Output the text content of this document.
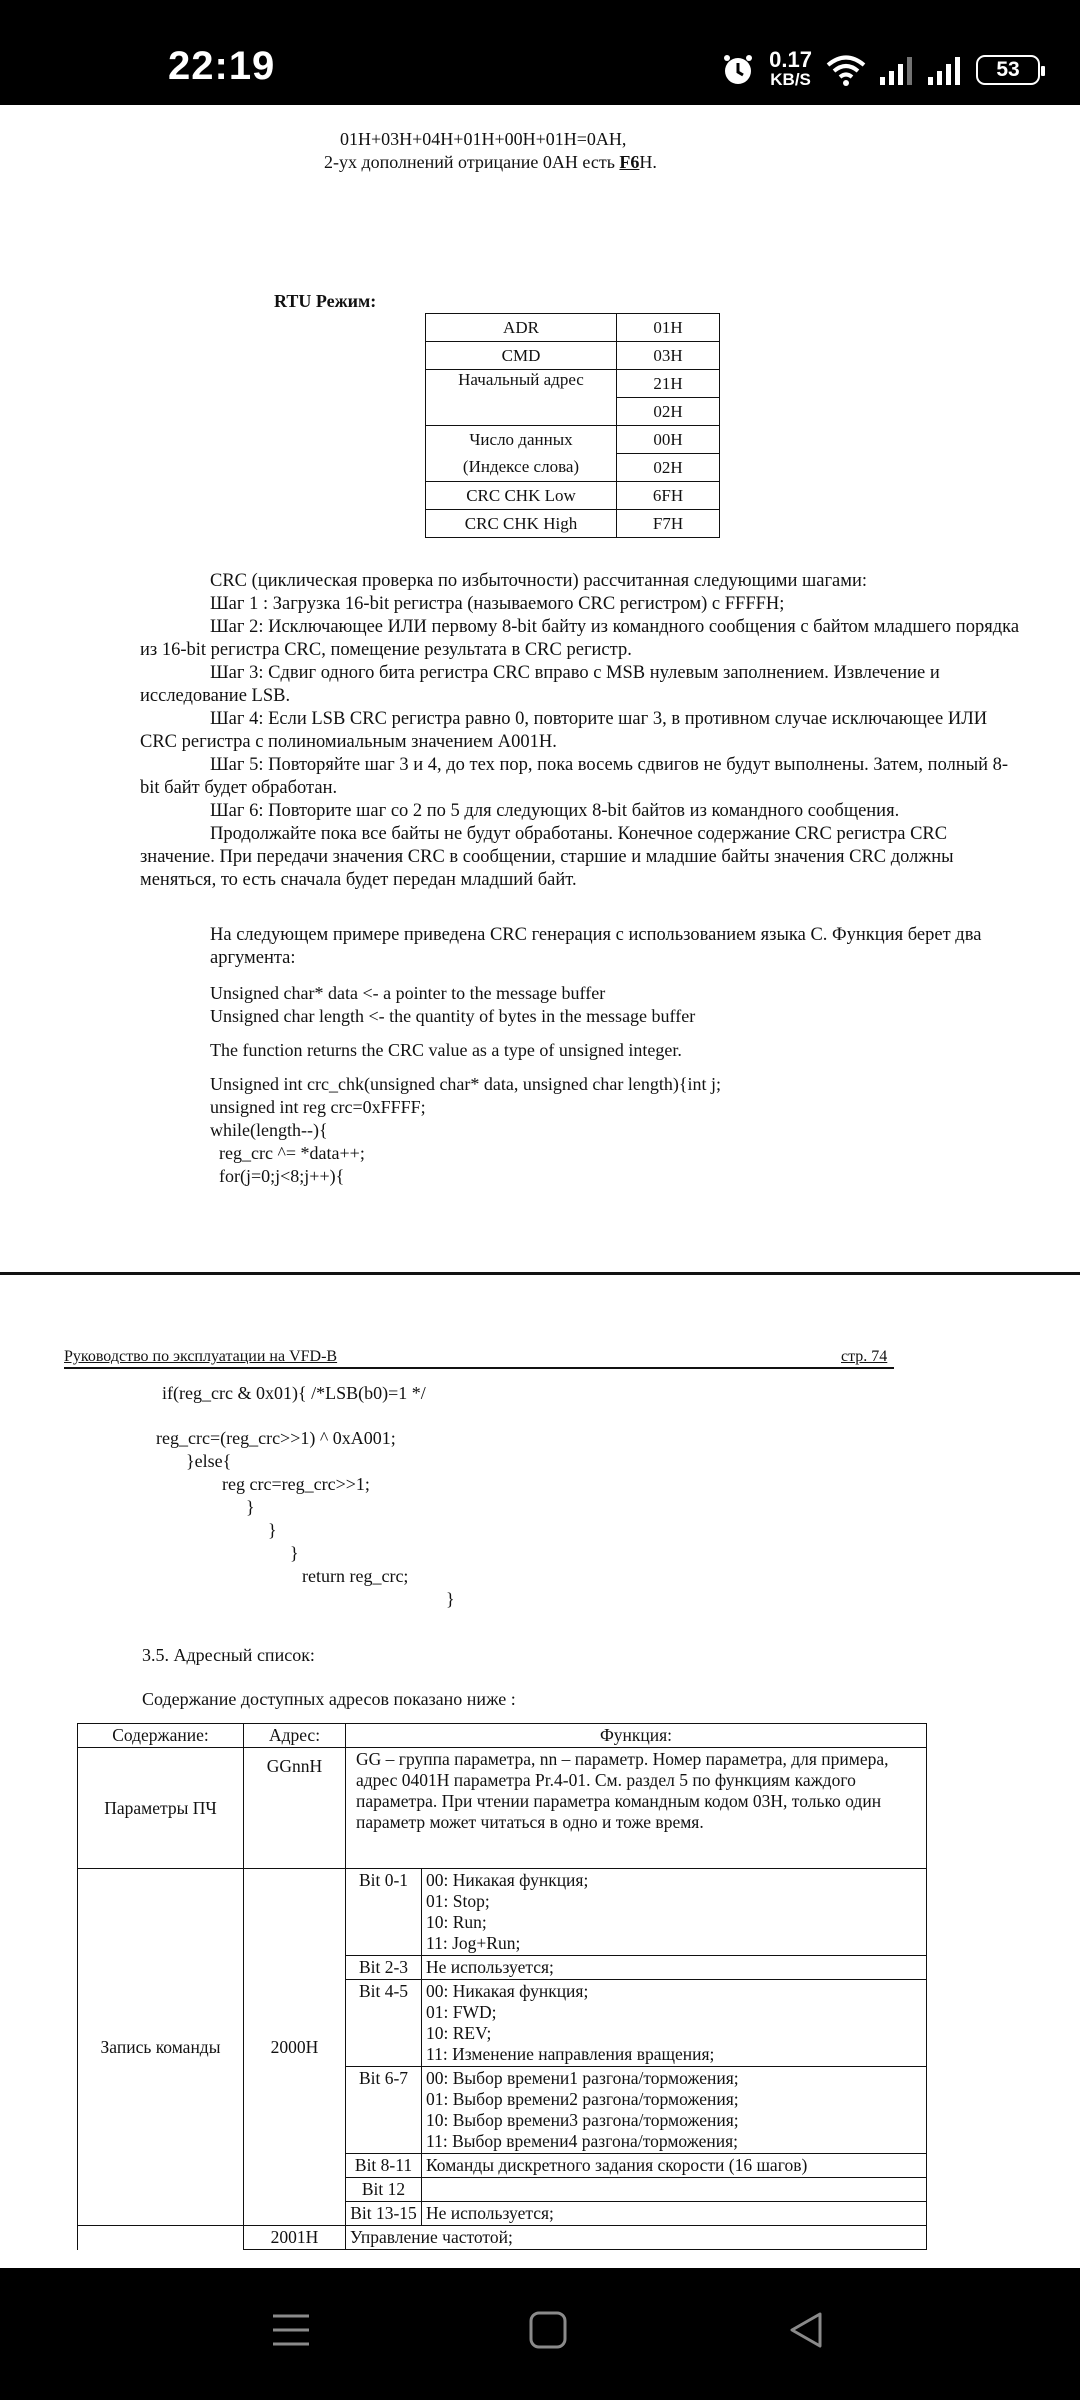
22:19	0.17
KB/S	53
01H+03H+04H+01H+00H+01H=0AH,
2-ух дополнений отрицание 0AH есть F6H.
RTU Режим:
ADR	01H
CMD	03H
Начальный адрес	21H
	02H
Число данных	00H
(Индексе слова)	02H
CRC CHK Low	6FH
CRC CHK High	F7H
CRC (циклическая проверка по избыточности) рассчитанная следующими шагами:
Шаг 1 : Загрузка 16-bit регистра (называемого CRC регистром) с FFFFH;
Шаг 2: Исключающее ИЛИ первому 8-bit байту из командного сообщения с байтом младшего порядка из 16-bit регистра CRC, помещение результата в CRC регистр.
Шаг 3: Сдвиг одного бита регистра CRC вправо с MSB нулевым заполнением. Извлечение и исследование LSB.
Шаг 4: Если LSB CRC регистра равно 0, повторите шаг 3, в противном случае исключающее ИЛИ CRC регистра с полиномиальным значением A001H.
Шаг 5: Повторяйте шаг 3 и 4, до тех пор, пока восемь сдвигов не будут выполнены. Затем, полный 8-bit байт будет обработан.
Шаг 6: Повторите шаг со 2 по 5 для следующих 8-bit байтов из командного сообщения.
Продолжайте пока все байты не будут обработаны. Конечное содержание CRC регистра CRC значение. При передачи значения CRC в сообщении, старшие и младшие байты значения CRC должны меняться, то есть сначала будет передан младший байт.
На следующем примере приведена CRC генерация с использованием языка C. Функция берет два аргумента:
Unsigned char* data <- a pointer to the message buffer
Unsigned char length <- the quantity of bytes in the message buffer
The function returns the CRC value as a type of unsigned integer.
Unsigned int crc_chk(unsigned char* data, unsigned char length){int j;
unsigned int reg crc=0xFFFF;
while(length--){
reg_crc ^= *data++;
for(j=0;j<8;j++){
Руководство по эксплуатации на VFD-B	стр. 74
if(reg_crc & 0x01){ /*LSB(b0)=1 */
reg_crc=(reg_crc>>1) ^ 0xA001;
}else{
reg crc=reg_crc>>1;
}
}
}
return reg_crc;
}
3.5. Адресный список:
Содержание доступных адресов показано ниже :
Содержание:	Адрес:	Функция:	
Параметры ПЧ	GGnnH	GG – группа параметра, nn – параметр. Номер параметра, для примера, адрес 0401H параметра Pr.4-01. См. раздел 5 по функциям каждого параметра. При чтении параметра командным кодом 03H, только один параметр может читаться в одно и тоже время.	
Запись команды	2000H	Bit 0-1	00: Никакая функция;
01: Stop;
10: Run;
11: Jog+Run;

		Bit 2-3	Не используется;

		Bit 4-5	00: Никакая функция;
01: FWD;
10: REV;
11: Изменение направления вращения;

		Bit 6-7	00: Выбор времени1 разгона/торможения;
01: Выбор времени2 разгона/торможения;
10: Выбор времени3 разгона/торможения;
11: Выбор времени4 разгона/торможения;

		Bit 8-11	Команды дискретного задания скорости (16 шагов)

		Bit 12	

		Bit 13-15	Не используется;

	2001H	Управление частотой;	
